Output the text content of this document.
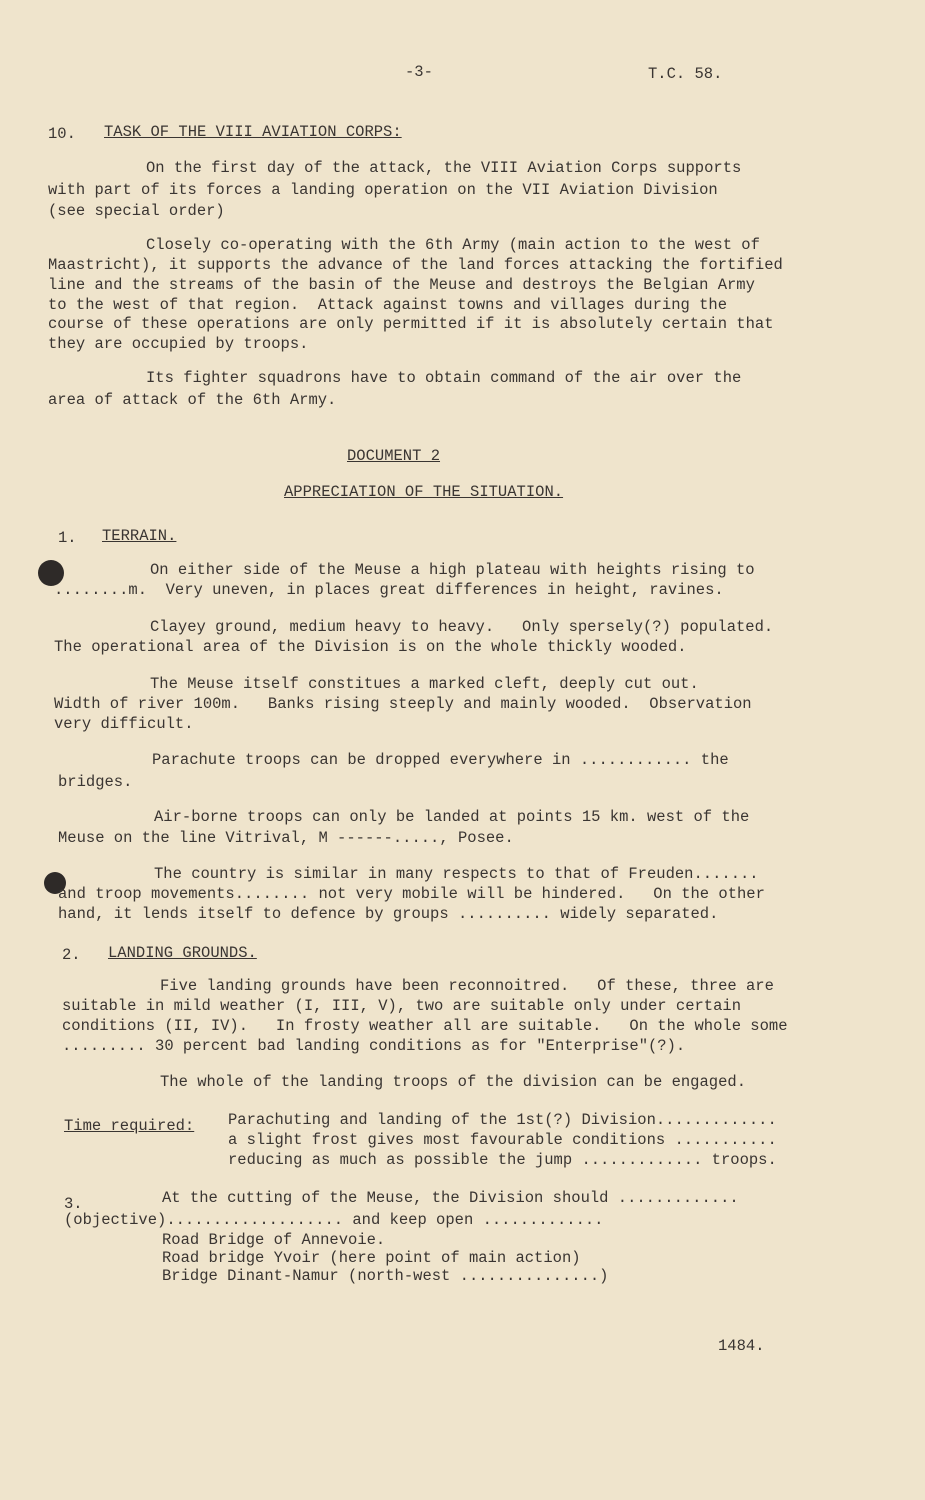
-3-	T.C. 58.
10. TASK OF THE VIII AVIATION CORPS:
On the first day of the attack, the VIII Aviation Corps supports
with part of its forces a landing operation on the VII Aviation Division
(see special order)
Closely co-operating with the 6th Army (main action to the west of
Maastricht), it supports the advance of the land forces attacking the fortified
line and the streams of the basin of the Meuse and destroys the Belgian Army
to the west of that region.  Attack against towns and villages during the
course of these operations are only permitted if it is absolutely certain that
they are occupied by troops.
Its fighter squadrons have to obtain command of the air over the
area of attack of the 6th Army.
DOCUMENT 2
APPRECIATION OF THE SITUATION.
1. TERRAIN.
On either side of the Meuse a high plateau with heights rising to
........m.  Very uneven, in places great differences in height, ravines.
Clayey ground, medium heavy to heavy.   Only spersely(?) populated.
The operational area of the Division is on the whole thickly wooded.
The Meuse itself constitues a marked cleft, deeply cut out.
Width of river 100m.   Banks rising steeply and mainly wooded.  Observation
very difficult.
Parachute troops can be dropped everywhere in ............ the
bridges.
Air-borne troops can only be landed at points 15 km. west of the
Meuse on the line Vitrival, M ------....., Posee.
The country is similar in many respects to that of Freuden.......
and troop movements........ not very mobile will be hindered.   On the other
hand, it lends itself to defence by groups .......... widely separated.
2. LANDING GROUNDS.
Five landing grounds have been reconnoitred.   Of these, three are
suitable in mild weather (I, III, V), two are suitable only under certain
conditions (II, IV).   In frosty weather all are suitable.   On the whole some
......... 30 percent bad landing conditions as for "Enterprise"(?).
The whole of the landing troops of the division can be engaged.
Time required: Parachuting and landing of the 1st(?) Division.............
a slight frost gives most favourable conditions ...........
reducing as much as possible the jump ............. troops.
3.	At the cutting of the Meuse, the Division should .............
(objective)................... and keep open .............
Road Bridge of Annevoie.
Road bridge Yvoir (here point of main action)
Bridge Dinant-Namur (north-west ...............)
1484.
